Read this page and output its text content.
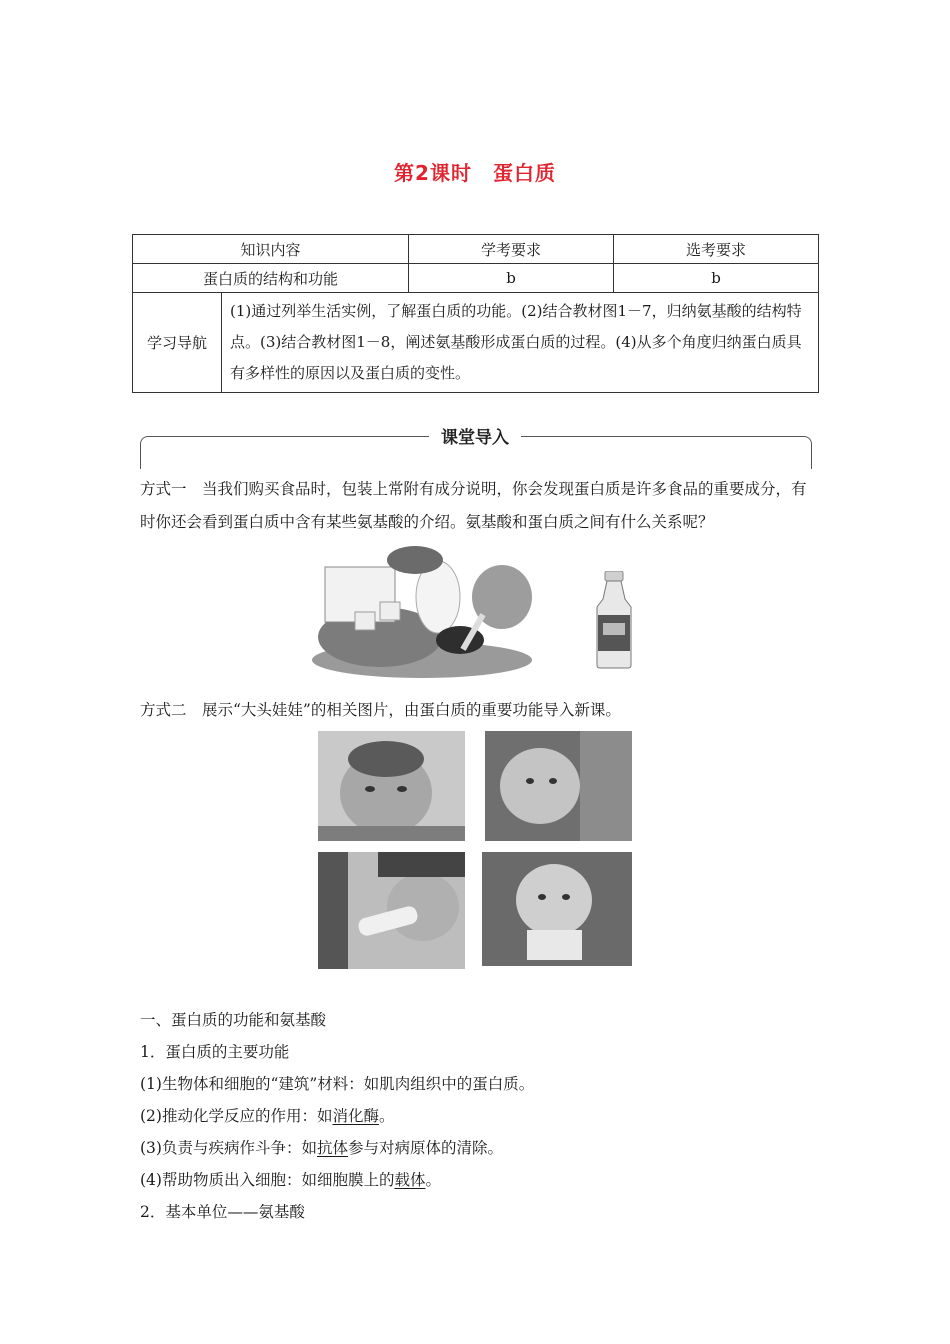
第2课时　蛋白质
知识内容		学考要求	选考要求
蛋白质的结构和功能		b	b
学习导航	(1)通过列举生活实例，了解蛋白质的功能。(2)结合教材图1－7，归纳氨基酸的结构特点。(3)结合教材图1－8，阐述氨基酸形成蛋白质的过程。(4)从多个角度归纳蛋白质具有多样性的原因以及蛋白质的变性。		
课堂导入
方式一　当我们购买食品时，包装上常附有成分说明，你会发现蛋白质是许多食品的重要成分，有时你还会看到蛋白质中含有某些氨基酸的介绍。氨基酸和蛋白质之间有什么关系呢？
方式二　展示“大头娃娃”的相关图片，由蛋白质的重要功能导入新课。
一、蛋白质的功能和氨基酸
1．蛋白质的主要功能
(1)生物体和细胞的“建筑”材料：如肌肉组织中的蛋白质。
(2)推动化学反应的作用：如消化酶。
(3)负责与疾病作斗争：如抗体参与对病原体的清除。
(4)帮助物质出入细胞：如细胞膜上的载体。
2．基本单位——氨基酸
